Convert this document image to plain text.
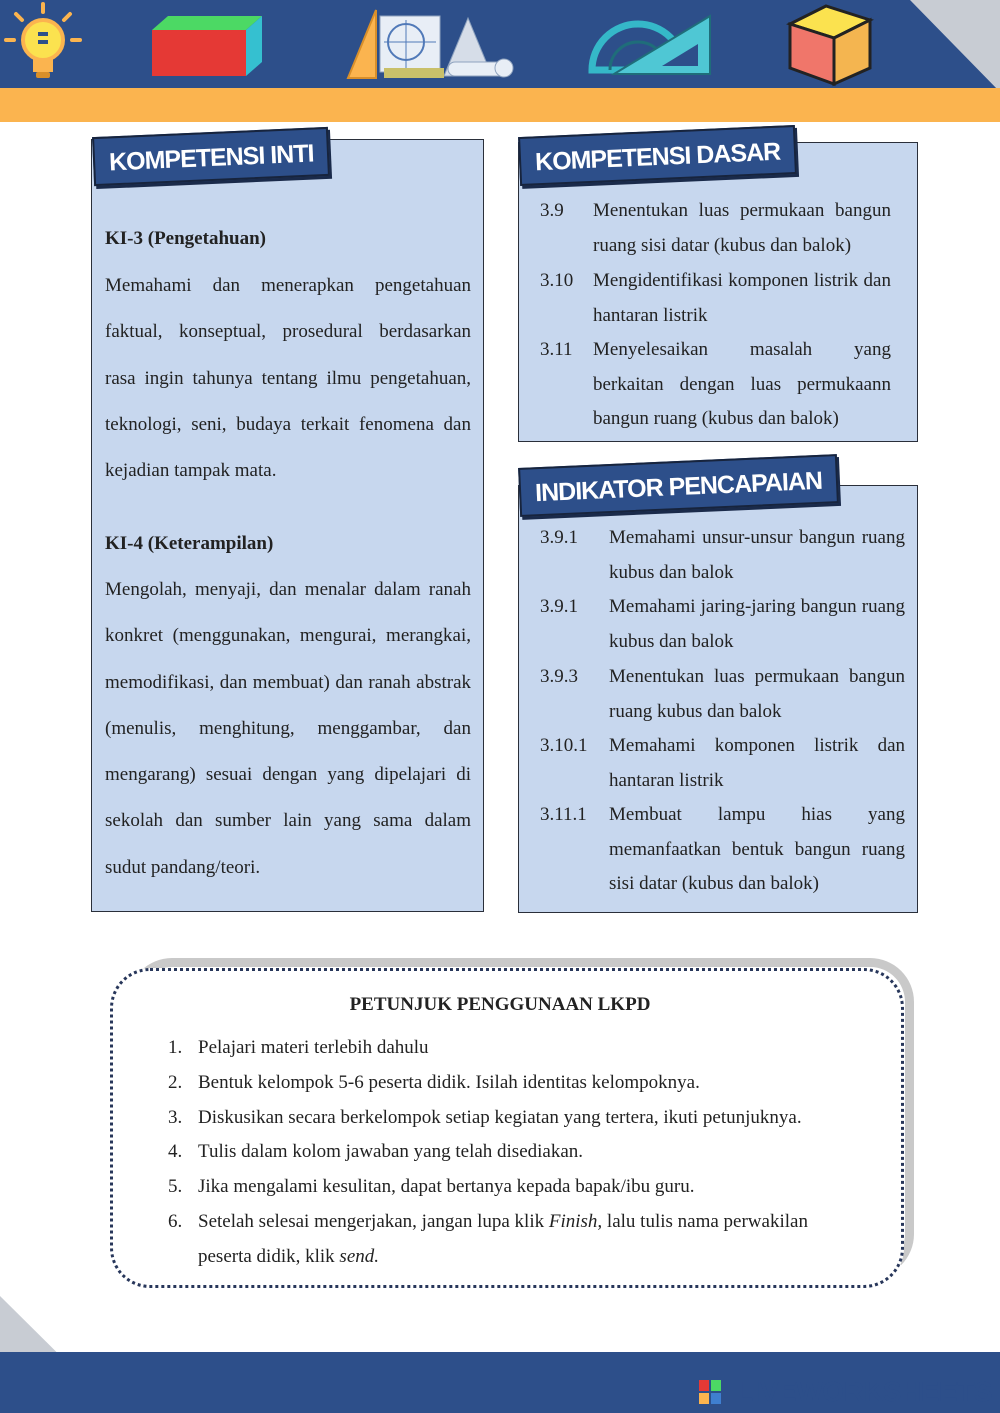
KOMPETENSI INTI
KI-3 (Pengetahuan)
Memahami dan menerapkan pengetahuan faktual, konseptual, prosedural berdasarkan rasa ingin tahunya tentang ilmu pengetahuan, teknologi, seni, budaya terkait fenomena dan kejadian tampak mata.
KI-4 (Keterampilan)
Mengolah, menyaji, dan menalar dalam ranah konkret (menggunakan, mengurai, merangkai, memodifikasi, dan membuat) dan ranah abstrak (menulis, menghitung, menggambar, dan mengarang) sesuai dengan yang dipelajari di sekolah dan sumber lain yang sama dalam sudut pandang/teori.
KOMPETENSI DASAR
3.9 Menentukan luas permukaan bangun ruang sisi datar (kubus dan balok)
3.10 Mengidentifikasi komponen listrik dan hantaran listrik
3.11 Menyelesaikan masalah yang berkaitan dengan luas permukaann bangun ruang (kubus dan balok)
INDIKATOR PENCAPAIAN
3.9.1 Memahami unsur-unsur bangun ruang kubus dan balok
3.9.1 Memahami jaring-jaring bangun ruang kubus dan balok
3.9.3 Menentukan luas permukaan bangun ruang kubus dan balok
3.10.1 Memahami komponen listrik dan hantaran listrik
3.11.1 Membuat lampu hias yang memanfaatkan bentuk bangun ruang sisi datar (kubus dan balok)
PETUNJUK PENGGUNAAN LKPD
1. Pelajari materi terlebih dahulu
2. Bentuk kelompok 5-6 peserta didik. Isilah identitas kelompoknya.
3. Diskusikan secara berkelompok setiap kegiatan yang tertera, ikuti petunjuknya.
4. Tulis dalam kolom jawaban yang telah disediakan.
5. Jika mengalami kesulitan, dapat bertanya kepada bapak/ibu guru.
6. Setelah selesai mengerjakan, jangan lupa klik Finish, lalu tulis nama perwakilan
peserta didik, klik send.
LIVEWORKSHEETS
